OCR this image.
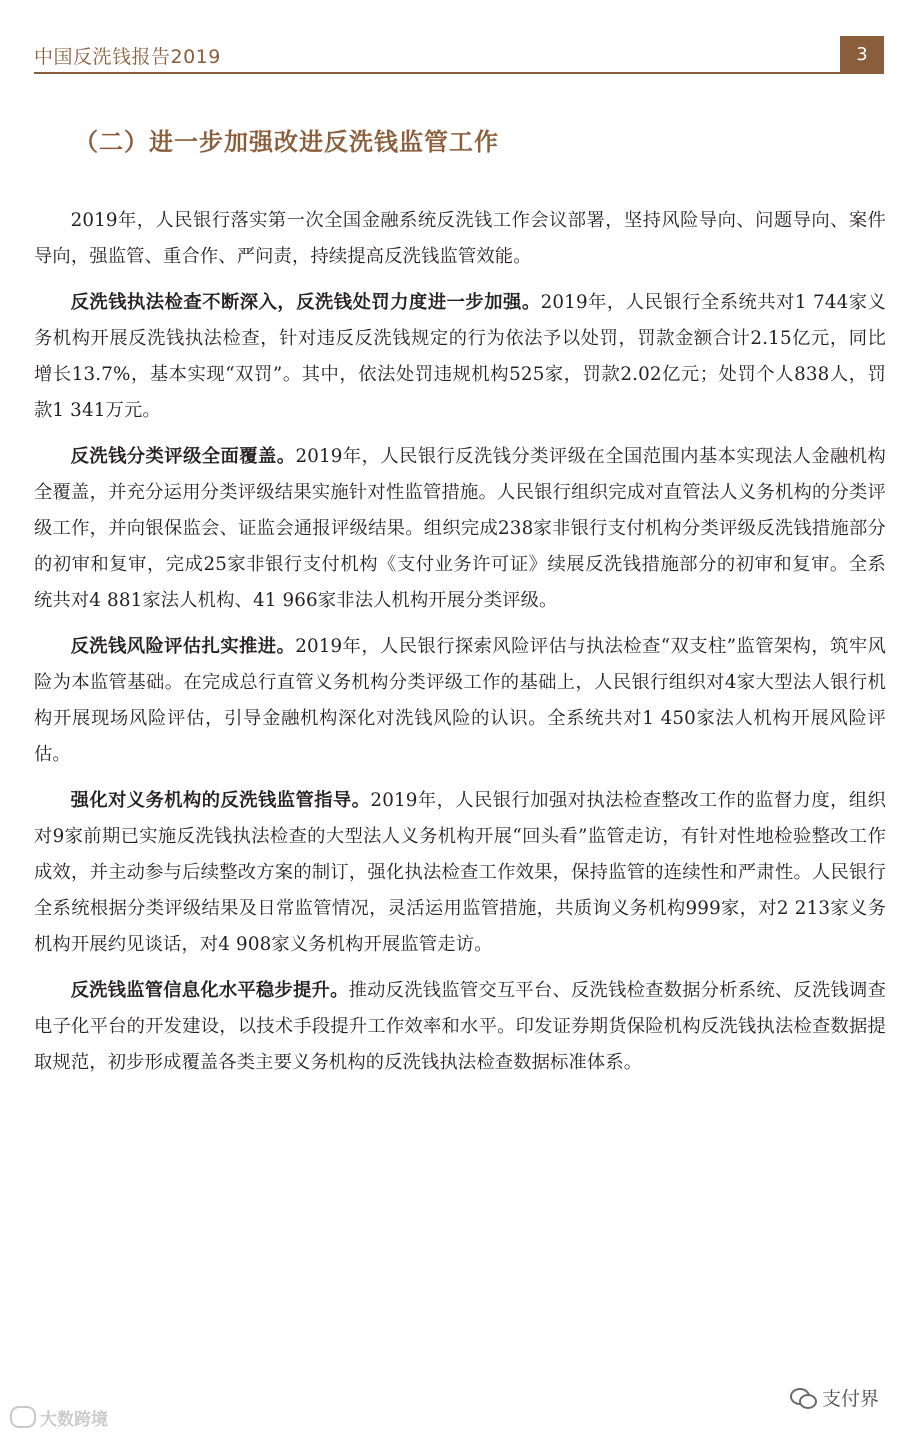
中国反洗钱报告2019	3
（二）进一步加强改进反洗钱监管工作

2019年，人民银行落实第一次全国金融系统反洗钱工作会议部署，坚持风险导向、问题导向、案件导向，强监管、重合作、严问责，持续提高反洗钱监管效能。

反洗钱执法检查不断深入，反洗钱处罚力度进一步加强。2019年，人民银行全系统共对1 744家义务机构开展反洗钱执法检查，针对违反反洗钱规定的行为依法予以处罚，罚款金额合计2.15亿元，同比增长13.7%，基本实现“双罚”。其中，依法处罚违规机构525家，罚款2.02亿元；处罚个人838人，罚款1 341万元。

反洗钱分类评级全面覆盖。2019年，人民银行反洗钱分类评级在全国范围内基本实现法人金融机构全覆盖，并充分运用分类评级结果实施针对性监管措施。人民银行组织完成对直管法人义务机构的分类评级工作，并向银保监会、证监会通报评级结果。组织完成238家非银行支付机构分类评级反洗钱措施部分的初审和复审，完成25家非银行支付机构《支付业务许可证》续展反洗钱措施部分的初审和复审。全系统共对4 881家法人机构、41 966家非法人机构开展分类评级。

反洗钱风险评估扎实推进。2019年，人民银行探索风险评估与执法检查“双支柱”监管架构，筑牢风险为本监管基础。在完成总行直管义务机构分类评级工作的基础上，人民银行组织对4家大型法人银行机构开展现场风险评估，引导金融机构深化对洗钱风险的认识。全系统共对1 450家法人机构开展风险评估。

强化对义务机构的反洗钱监管指导。2019年，人民银行加强对执法检查整改工作的监督力度，组织对9家前期已实施反洗钱执法检查的大型法人义务机构开展“回头看”监管走访，有针对性地检验整改工作成效，并主动参与后续整改方案的制订，强化执法检查工作效果，保持监管的连续性和严肃性。人民银行全系统根据分类评级结果及日常监管情况，灵活运用监管措施，共质询义务机构999家，对2 213家义务机构开展约见谈话，对4 908家义务机构开展监管走访。

反洗钱监管信息化水平稳步提升。推动反洗钱监管交互平台、反洗钱检查数据分析系统、反洗钱调查电子化平台的开发建设，以技术手段提升工作效率和水平。印发证券期货保险机构反洗钱执法检查数据提取规范，初步形成覆盖各类主要义务机构的反洗钱执法检查数据标准体系。

大数跨境
支付界
